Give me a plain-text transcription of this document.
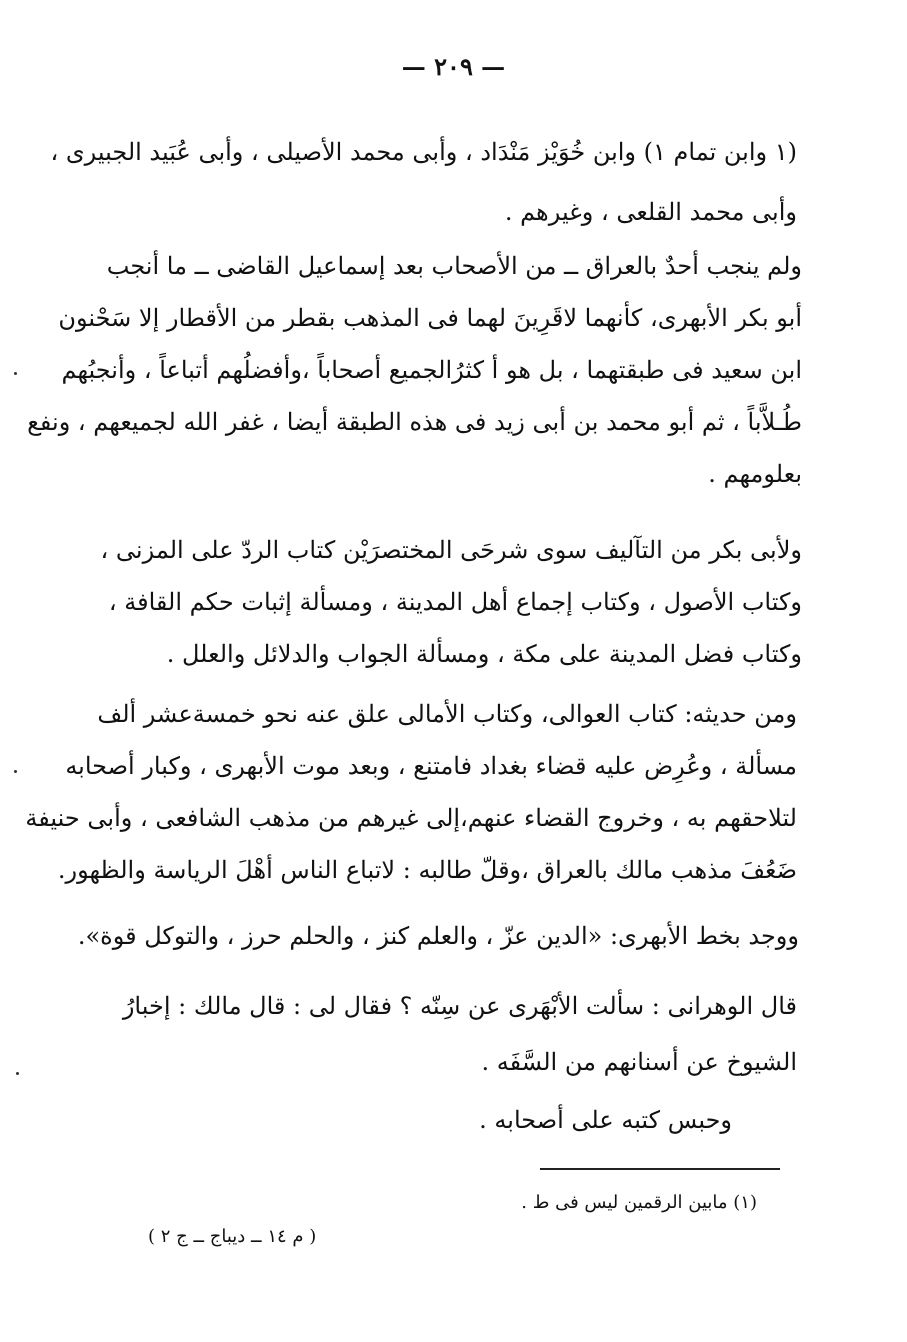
— ٢٠٩ —
(١ وابن تمام ١) وابن خُوَيْز مَنْدَاد ، وأبى محمد الأصيلى ، وأبى عُبَيد الجبيرى ،
وأبى محمد القلعى ، وغيرهم .
ولم ينجب أحدٌ بالعراق ــ من الأصحاب بعد إسماعيل القاضى ــ ما أنجب
أبو بكر الأبهرى، كأنهما لاقَرِينَ لهما فى المذهب بقطر من الأقطار إلا سَحْنون
ابن سعيد فى طبقتهما ، بل هو أ كثرُالجميع أصحاباً ،وأفضلُهم أتباعاً ، وأنجبُهم
طُـلاَّباً ، ثم أبو محمد بن أبى زيد فى هذه الطبقة أيضا ، غفر الله لجميعهم ، ونفع
بعلومهم .
ولأبى بكر من التآليف سوى شرحَى المختصرَيْن كتاب الردّ على المزنى ،
وكتاب الأصول ، وكتاب إجماع أهل المدينة ، ومسألة إثبات حكم القافة ،
وكتاب فضل المدينة على مكة ، ومسألة الجواب والدلائل والعلل .
ومن حديثه: كتاب العوالى، وكتاب الأمالى علق عنه نحو خمسةعشر ألف
مسألة ، وعُرِض عليه قضاء بغداد فامتنع ، وبعد موت الأبهرى ، وكبار أصحابه
لتلاحقهم به ، وخروج القضاء عنهم،إلى غيرهم من مذهب الشافعى ، وأبى حنيفة
ضَعُفَ مذهب مالك بالعراق ،وقلّ طالبه : لاتباع الناس أهْلَ الرياسة والظهور.
ووجد بخط الأبهرى: «الدين عزّ ، والعلم كنز ، والحلم حرز ، والتوكل قوة».
قال الوهرانى : سألت الأبْهَرى عن سِنّه ؟ فقال لى : قال مالك : إخبارُ
الشيوخ عن أسنانهم من السَّفَه .
وحبس كتبه على أصحابه .
(١) مابين الرقمين ليس فى ط .
( م ١٤ ــ ديباج ــ ج ٢ )
